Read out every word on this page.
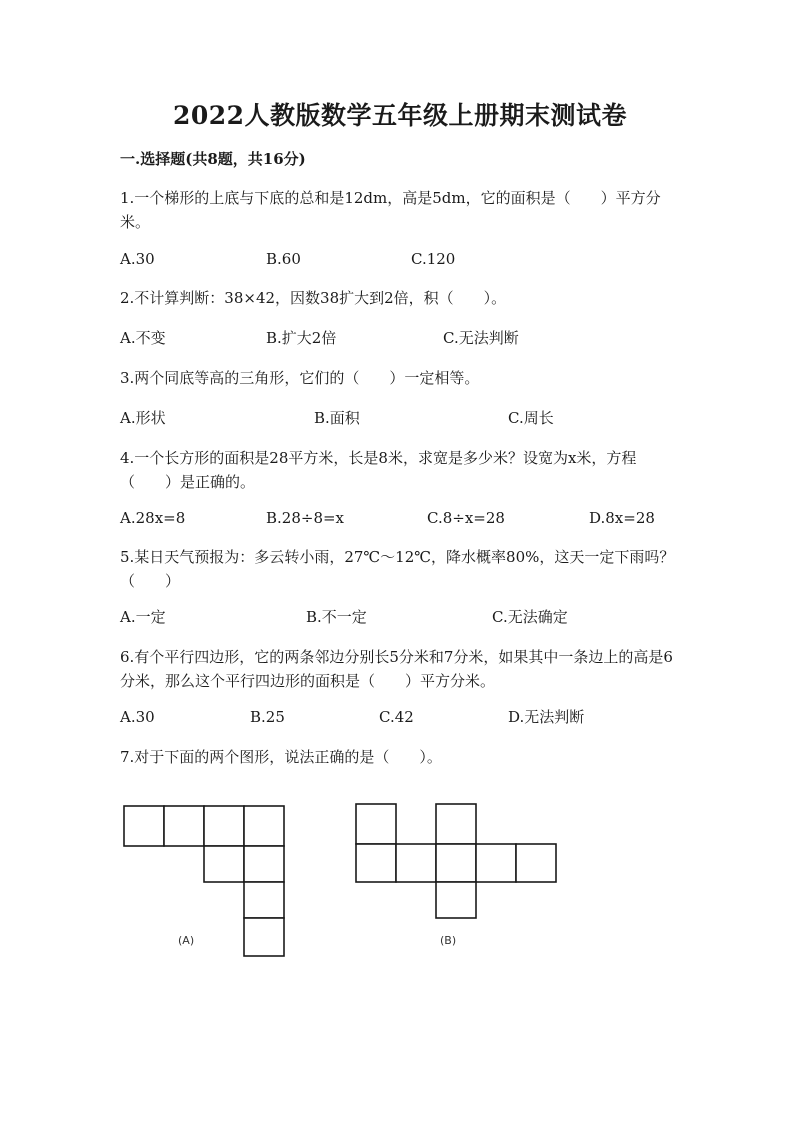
2022人教版数学五年级上册期末测试卷
一.选择题(共8题，共16分)
1.一个梯形的上底与下底的总和是12dm，高是5dm，它的面积是（　　）平方分米。
A.30	B.60	C.120
2.不计算判断：38×42，因数38扩大到2倍，积（　　）。
A.不变	B.扩大2倍	C.无法判断
3.两个同底等高的三角形，它们的（　　）一定相等。
A.形状	B.面积	C.周长
4.一个长方形的面积是28平方米，长是8米，求宽是多少米？设宽为x米，方程（　　）是正确的。
A.28x=8	B.28÷8=x	C.8÷x=28	D.8x=28
5.某日天气预报为：多云转小雨，27℃～12℃，降水概率80%，这天一定下雨吗？（　　）
A.一定	B.不一定	C.无法确定
6.有个平行四边形，它的两条邻边分别长5分米和7分米，如果其中一条边上的高是6分米，那么这个平行四边形的面积是（　　）平方分米。
A.30	B.25	C.42	D.无法判断
7.对于下面的两个图形，说法正确的是（　　）。
(A)	(B)
